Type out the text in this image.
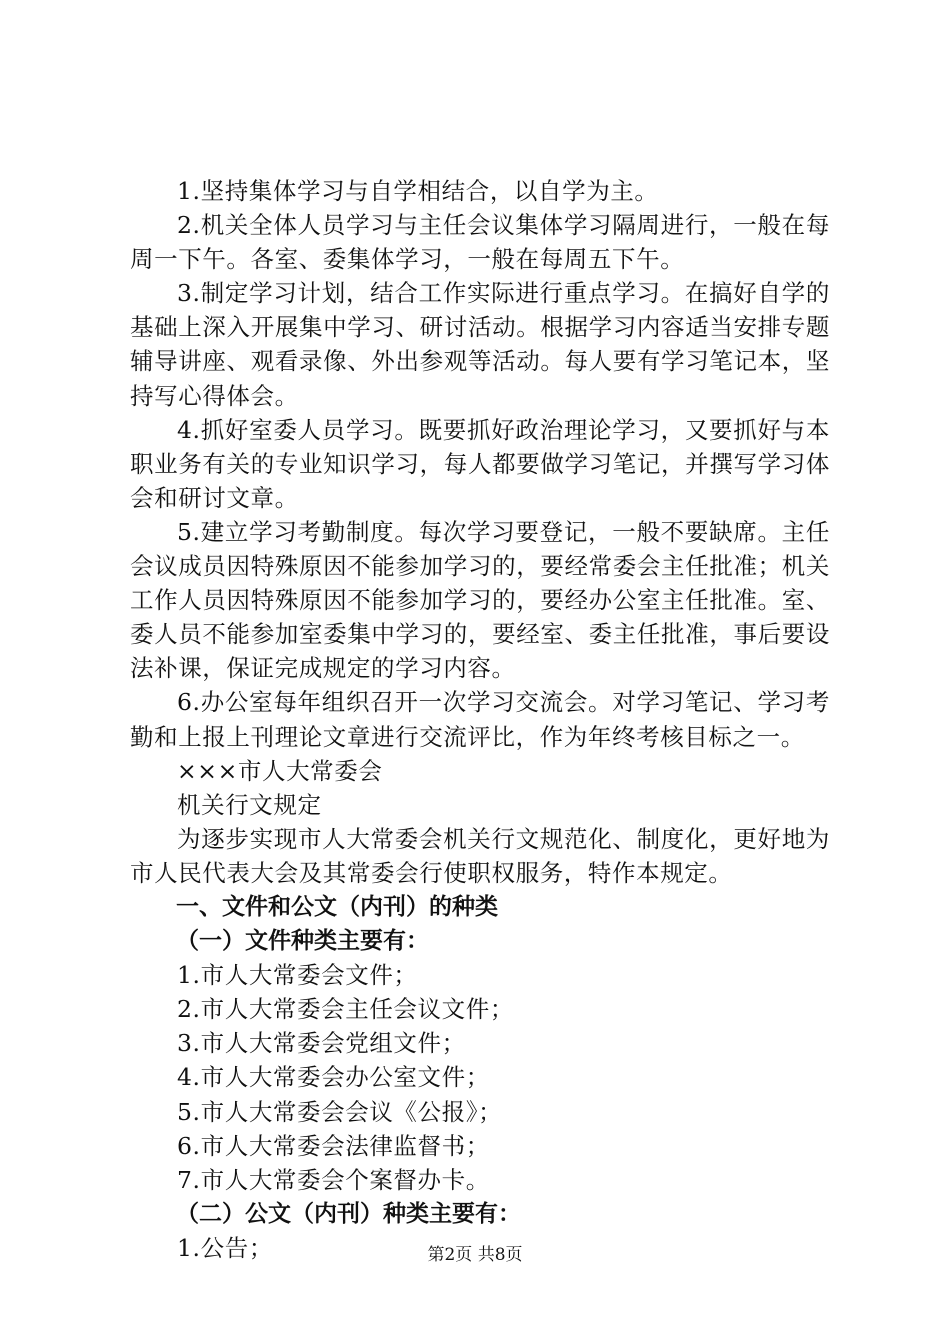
1.坚持集体学习与自学相结合，以自学为主。

2.机关全体人员学习与主任会议集体学习隔周进行，一般在每周一下午。各室、委集体学习，一般在每周五下午。

3.制定学习计划，结合工作实际进行重点学习。在搞好自学的基础上深入开展集中学习、研讨活动。根据学习内容适当安排专题辅导讲座、观看录像、外出参观等活动。每人要有学习笔记本，坚持写心得体会。

4.抓好室委人员学习。既要抓好政治理论学习，又要抓好与本职业务有关的专业知识学习，每人都要做学习笔记，并撰写学习体会和研讨文章。

5.建立学习考勤制度。每次学习要登记，一般不要缺席。主任会议成员因特殊原因不能参加学习的，要经常委会主任批准；机关工作人员因特殊原因不能参加学习的，要经办公室主任批准。室、委人员不能参加室委集中学习的，要经室、委主任批准，事后要设法补课，保证完成规定的学习内容。

6.办公室每年组织召开一次学习交流会。对学习笔记、学习考勤和上报上刊理论文章进行交流评比，作为年终考核目标之一。

×××市人大常委会

机关行文规定

为逐步实现市人大常委会机关行文规范化、制度化，更好地为市人民代表大会及其常委会行使职权服务，特作本规定。

一、文件和公文（内刊）的种类

（一）文件种类主要有：

1.市人大常委会文件；

2.市人大常委会主任会议文件；

3.市人大常委会党组文件；

4.市人大常委会办公室文件；

5.市人大常委会会议《公报》；

6.市人大常委会法律监督书；

7.市人大常委会个案督办卡。

（二）公文（内刊）种类主要有：

1.公告；	第2页 共8页
